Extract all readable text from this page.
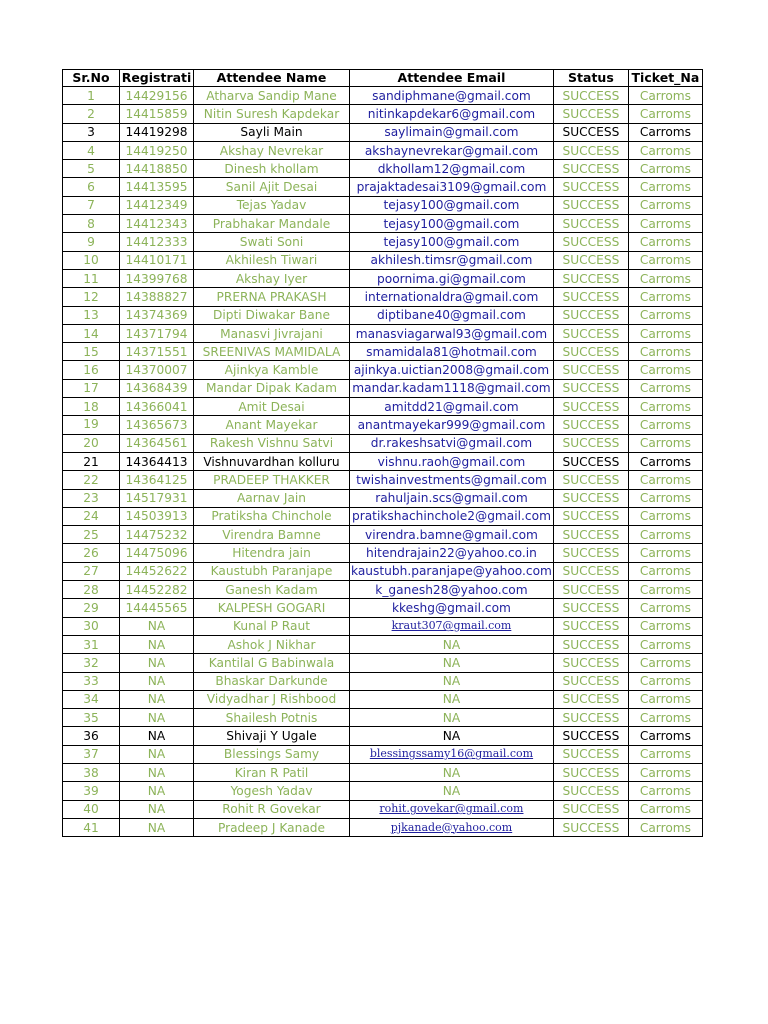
Sr.No	Registrati	Attendee Name	Attendee Email	Status	Ticket_Na
1	14429156	Atharva Sandip Mane	sandiphmane@gmail.com	SUCCESS	Carroms
2	14415859	Nitin Suresh Kapdekar	nitinkapdekar6@gmail.com	SUCCESS	Carroms
3	14419298	Sayli Main	saylimain@gmail.com	SUCCESS	Carroms
4	14419250	Akshay Nevrekar	akshaynevrekar@gmail.com	SUCCESS	Carroms
5	14418850	Dinesh khollam	dkhollam12@gmail.com	SUCCESS	Carroms
6	14413595	Sanil Ajit Desai	prajaktadesai3109@gmail.com	SUCCESS	Carroms
7	14412349	Tejas Yadav	tejasy100@gmail.com	SUCCESS	Carroms
8	14412343	Prabhakar Mandale	tejasy100@gmail.com	SUCCESS	Carroms
9	14412333	Swati Soni	tejasy100@gmail.com	SUCCESS	Carroms
10	14410171	Akhilesh Tiwari	akhilesh.timsr@gmail.com	SUCCESS	Carroms
11	14399768	Akshay Iyer	poornima.gi@gmail.com	SUCCESS	Carroms
12	14388827	PRERNA PRAKASH	internationaldra@gmail.com	SUCCESS	Carroms
13	14374369	Dipti Diwakar Bane	diptibane40@gmail.com	SUCCESS	Carroms
14	14371794	Manasvi Jivrajani	manasviagarwal93@gmail.com	SUCCESS	Carroms
15	14371551	SREENIVAS MAMIDALA	smamidala81@hotmail.com	SUCCESS	Carroms
16	14370007	Ajinkya Kamble	ajinkya.uictian2008@gmail.com	SUCCESS	Carroms
17	14368439	Mandar Dipak Kadam	mandar.kadam1118@gmail.com	SUCCESS	Carroms
18	14366041	Amit Desai	amitdd21@gmail.com	SUCCESS	Carroms
19	14365673	Anant Mayekar	anantmayekar999@gmail.com	SUCCESS	Carroms
20	14364561	Rakesh Vishnu Satvi	dr.rakeshsatvi@gmail.com	SUCCESS	Carroms
21	14364413	Vishnuvardhan kolluru	vishnu.raoh@gmail.com	SUCCESS	Carroms
22	14364125	PRADEEP THAKKER	twishainvestments@gmail.com	SUCCESS	Carroms
23	14517931	Aarnav Jain	rahuljain.scs@gmail.com	SUCCESS	Carroms
24	14503913	Pratiksha Chinchole	pratikshachinchole2@gmail.com	SUCCESS	Carroms
25	14475232	Virendra Bamne	virendra.bamne@gmail.com	SUCCESS	Carroms
26	14475096	Hitendra jain	hitendrajain22@yahoo.co.in	SUCCESS	Carroms
27	14452622	Kaustubh Paranjape	kaustubh.paranjape@yahoo.com	SUCCESS	Carroms
28	14452282	Ganesh Kadam	k_ganesh28@yahoo.com	SUCCESS	Carroms
29	14445565	KALPESH GOGARI	kkeshg@gmail.com	SUCCESS	Carroms
30	NA	Kunal P Raut	kraut307@gmail.com	SUCCESS	Carroms
31	NA	Ashok J Nikhar	NA	SUCCESS	Carroms
32	NA	Kantilal G Babinwala	NA	SUCCESS	Carroms
33	NA	Bhaskar Darkunde	NA	SUCCESS	Carroms
34	NA	Vidyadhar J Rishbood	NA	SUCCESS	Carroms
35	NA	Shailesh Potnis	NA	SUCCESS	Carroms
36	NA	Shivaji Y Ugale	NA	SUCCESS	Carroms
37	NA	Blessings Samy	blessingssamy16@gmail.com	SUCCESS	Carroms
38	NA	Kiran R Patil	NA	SUCCESS	Carroms
39	NA	Yogesh Yadav	NA	SUCCESS	Carroms
40	NA	Rohit R Govekar	rohit.govekar@gmail.com	SUCCESS	Carroms
41	NA	Pradeep J Kanade	pjkanade@yahoo.com	SUCCESS	Carroms
